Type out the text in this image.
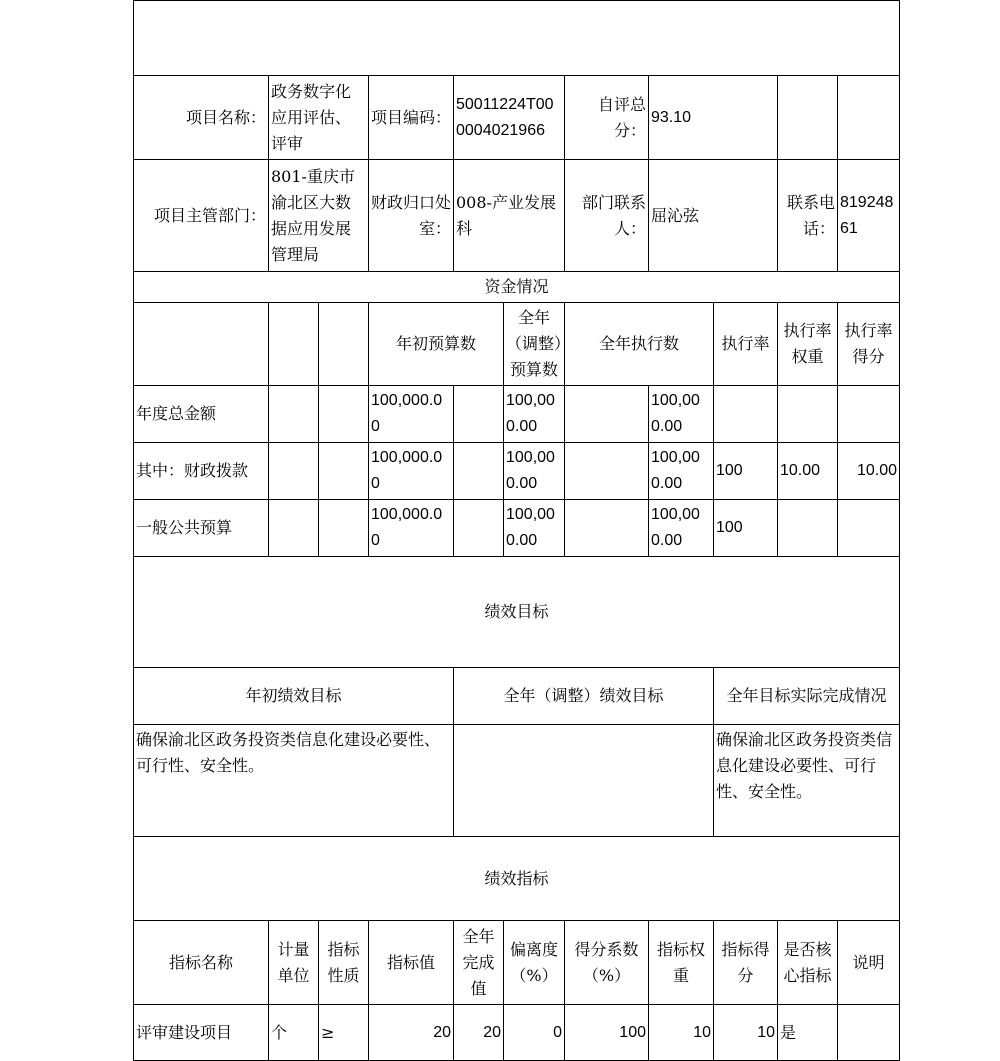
项目名称：	政务数字化应用评估、评审		项目编码：	50011224T000004021966		自评总分：	93.10			
项目主管部门：	801-重庆市渝北区大数据应用发展管理局		财政归口处室：	008-产业发展科		部门联系人：	屈沁弦		联系电话：	81924861
资金情况										
			年初预算数		全年（调整）预算数	全年执行数		执行率	执行率权重	执行率得分
年度总金额			100,000.00		100,000.00		100,000.00			
其中：财政拨款			100,000.00		100,000.00		100,000.00	100	10.00	10.00
一般公共预算			100,000.00		100,000.00		100,000.00	100		
绩效目标										
年初绩效目标				全年（调整）绩效目标				全年目标实际完成情况		
确保渝北区政务投资类信息化建设必要性、可行性、安全性。								确保渝北区政务投资类信息化建设必要性、可行性、安全性。		
绩效指标										
指标名称	计量单位	指标性质	指标值	全年完成值	偏离度（%）	得分系数（%）	指标权重	指标得分	是否核心指标	说明
评审建设项目	个	≥	20	20	0	100	10	10	是	
